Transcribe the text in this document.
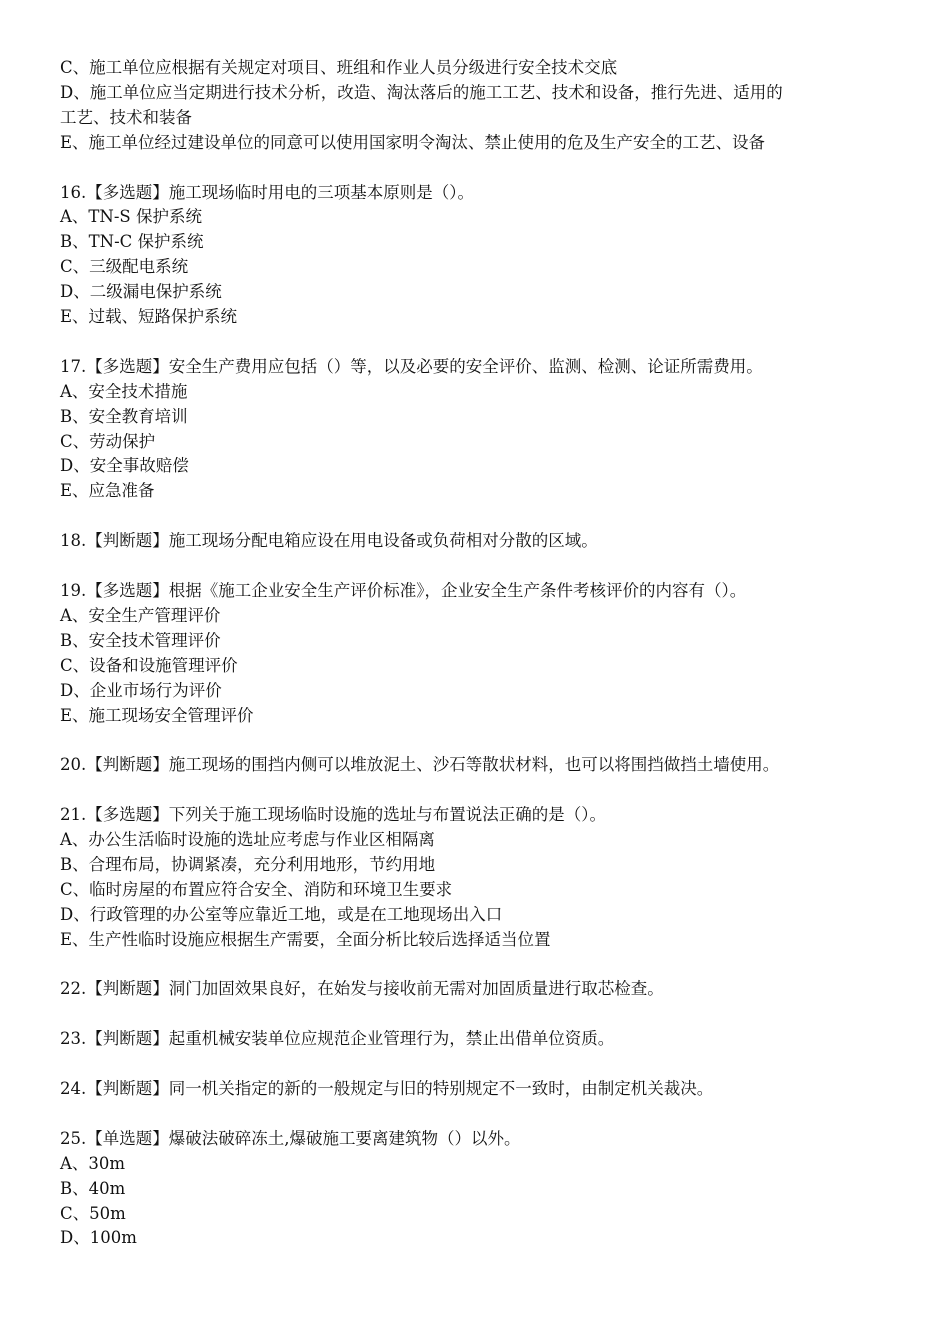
C、施工单位应根据有关规定对项目、班组和作业人员分级进行安全技术交底
D、施工单位应当定期进行技术分析，改造、淘汰落后的施工工艺、技术和设备，推行先进、适用的
工艺、技术和装备
E、施工单位经过建设单位的同意可以使用国家明令淘汰、禁止使用的危及生产安全的工艺、设备
16.【多选题】施工现场临时用电的三项基本原则是（）。
A、TN-S 保护系统
B、TN-C 保护系统
C、三级配电系统
D、二级漏电保护系统
E、过载、短路保护系统
17.【多选题】安全生产费用应包括（）等，以及必要的安全评价、监测、检测、论证所需费用。
A、安全技术措施
B、安全教育培训
C、劳动保护
D、安全事故赔偿
E、应急准备
18.【判断题】施工现场分配电箱应设在用电设备或负荷相对分散的区域。
19.【多选题】根据《施工企业安全生产评价标准》，企业安全生产条件考核评价的内容有（）。
A、安全生产管理评价
B、安全技术管理评价
C、设备和设施管理评价
D、企业市场行为评价
E、施工现场安全管理评价
20.【判断题】施工现场的围挡内侧可以堆放泥土、沙石等散状材料，也可以将围挡做挡土墙使用。
21.【多选题】下列关于施工现场临时设施的选址与布置说法正确的是（）。
A、办公生活临时设施的选址应考虑与作业区相隔离
B、合理布局，协调紧凑，充分利用地形，节约用地
C、临时房屋的布置应符合安全、消防和环境卫生要求
D、行政管理的办公室等应靠近工地，或是在工地现场出入口
E、生产性临时设施应根据生产需要，全面分析比较后选择适当位置
22.【判断题】洞门加固效果良好，在始发与接收前无需对加固质量进行取芯检查。
23.【判断题】起重机械安装单位应规范企业管理行为，禁止出借单位资质。
24.【判断题】同一机关指定的新的一般规定与旧的特别规定不一致时，由制定机关裁决。
25.【单选题】爆破法破碎冻土,爆破施工要离建筑物（）以外。
A、30m
B、40m
C、50m
D、100m
